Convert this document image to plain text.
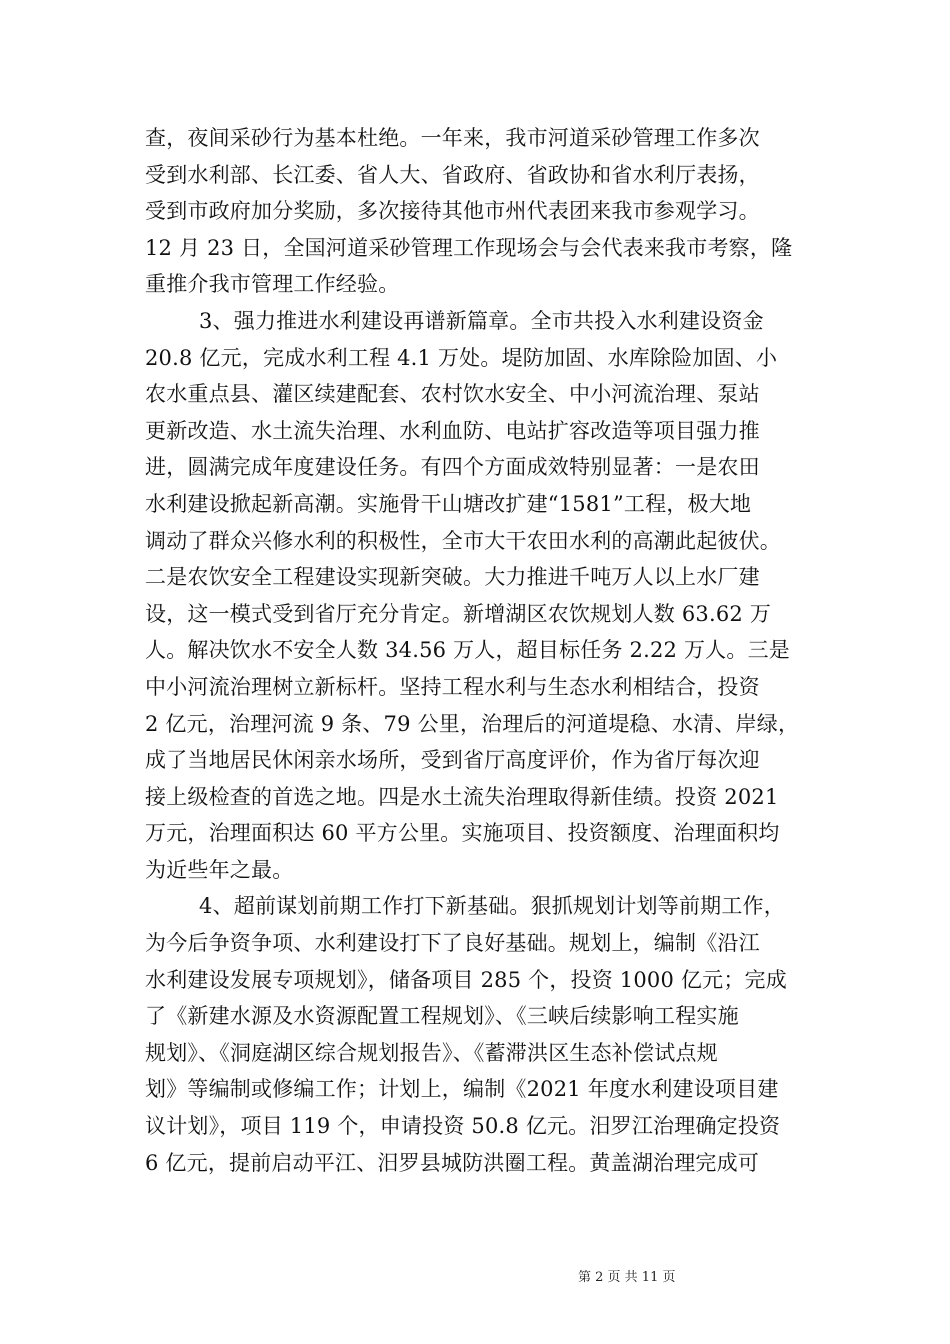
查，夜间采砂行为基本杜绝。一年来，我市河道采砂管理工作多次
受到水利部、长江委、省人大、省政府、省政协和省水利厅表扬，
受到市政府加分奖励，多次接待其他市州代表团来我市参观学习。
12 月 23 日，全国河道采砂管理工作现场会与会代表来我市考察，隆
重推介我市管理工作经验。
3、强力推进水利建设再谱新篇章。全市共投入水利建设资金
20.8 亿元，完成水利工程 4.1 万处。堤防加固、水库除险加固、小
农水重点县、灌区续建配套、农村饮水安全、中小河流治理、泵站
更新改造、水土流失治理、水利血防、电站扩容改造等项目强力推
进，圆满完成年度建设任务。有四个方面成效特别显著：一是农田
水利建设掀起新高潮。实施骨干山塘改扩建“1581”工程，极大地
调动了群众兴修水利的积极性，全市大干农田水利的高潮此起彼伏。
二是农饮安全工程建设实现新突破。大力推进千吨万人以上水厂建
设，这一模式受到省厅充分肯定。新增湖区农饮规划人数 63.62 万
人。解决饮水不安全人数 34.56 万人，超目标任务 2.22 万人。三是
中小河流治理树立新标杆。坚持工程水利与生态水利相结合，投资
2 亿元，治理河流 9 条、79 公里，治理后的河道堤稳、水清、岸绿，
成了当地居民休闲亲水场所，受到省厅高度评价，作为省厅每次迎
接上级检查的首选之地。四是水土流失治理取得新佳绩。投资 2021
万元，治理面积达 60 平方公里。实施项目、投资额度、治理面积均
为近些年之最。
4、超前谋划前期工作打下新基础。狠抓规划计划等前期工作，
为今后争资争项、水利建设打下了良好基础。规划上，编制《沿江
水利建设发展专项规划》，储备项目 285 个，投资 1000 亿元；完成
了《新建水源及水资源配置工程规划》、《三峡后续影响工程实施
规划》、《洞庭湖区综合规划报告》、《蓄滞洪区生态补偿试点规
划》等编制或修编工作；计划上，编制《2021 年度水利建设项目建
议计划》，项目 119 个，申请投资 50.8 亿元。汨罗江治理确定投资
6 亿元，提前启动平江、汨罗县城防洪圈工程。黄盖湖治理完成可
第 2 页 共 11 页
